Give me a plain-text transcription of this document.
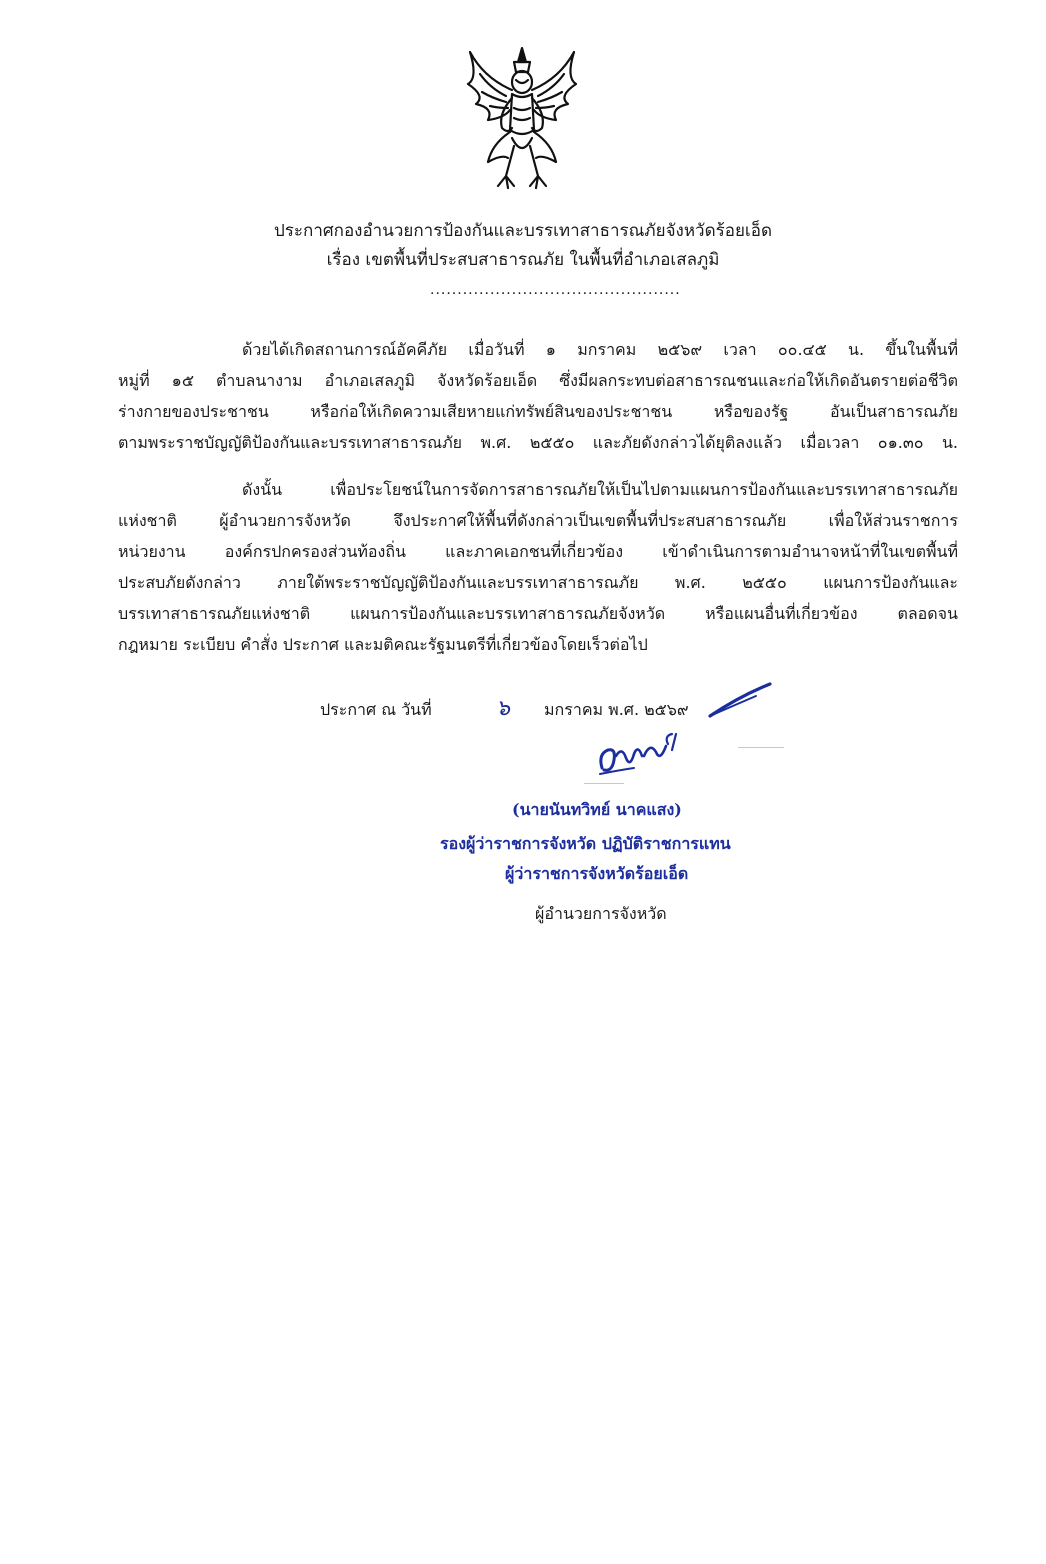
ประกาศกองอำนวยการป้องกันและบรรเทาสาธารณภัยจังหวัดร้อยเอ็ด
เรื่อง เขตพื้นที่ประสบสาธารณภัย ในพื้นที่อำเภอเสลภูมิ
..............................................
ด้วยได้เกิดสถานการณ์อัคคีภัย เมื่อวันที่ ๑ มกราคม ๒๕๖๙ เวลา ๐๐.๔๕ น. ขึ้นในพื้นที่
หมู่ที่ ๑๕ ตำบลนางาม อำเภอเสลภูมิ จังหวัดร้อยเอ็ด ซึ่งมีผลกระทบต่อสาธารณชนและก่อให้เกิดอันตรายต่อชีวิต
ร่างกายของประชาชน หรือก่อให้เกิดความเสียหายแก่ทรัพย์สินของประชาชน หรือของรัฐ อันเป็นสาธารณภัย
ตามพระราชบัญญัติป้องกันและบรรเทาสาธารณภัย พ.ศ. ๒๕๕๐ และภัยดังกล่าวได้ยุติลงแล้ว เมื่อเวลา ๐๑.๓๐ น.
ดังนั้น เพื่อประโยชน์ในการจัดการสาธารณภัยให้เป็นไปตามแผนการป้องกันและบรรเทาสาธารณภัย
แห่งชาติ ผู้อำนวยการจังหวัด จึงประกาศให้พื้นที่ดังกล่าวเป็นเขตพื้นที่ประสบสาธารณภัย เพื่อให้ส่วนราชการ
หน่วยงาน องค์กรปกครองส่วนท้องถิ่น และภาคเอกชนที่เกี่ยวข้อง เข้าดำเนินการตามอำนาจหน้าที่ในเขตพื้นที่
ประสบภัยดังกล่าว ภายใต้พระราชบัญญัติป้องกันและบรรเทาสาธารณภัย พ.ศ. ๒๕๕๐ แผนการป้องกันและ
บรรเทาสาธารณภัยแห่งชาติ แผนการป้องกันและบรรเทาสาธารณภัยจังหวัด หรือแผนอื่นที่เกี่ยวข้อง ตลอดจน
กฎหมาย ระเบียบ คำสั่ง ประกาศ และมติคณะรัฐมนตรีที่เกี่ยวข้องโดยเร็วต่อไป
ประกาศ ณ วันที่	๖ มกราคม พ.ศ. ๒๕๖๙
(นายนันทวิทย์ นาคแสง)
รองผู้ว่าราชการจังหวัด ปฏิบัติราชการแทน
ผู้ว่าราชการจังหวัดร้อยเอ็ด
ผู้อำนวยการจังหวัด
